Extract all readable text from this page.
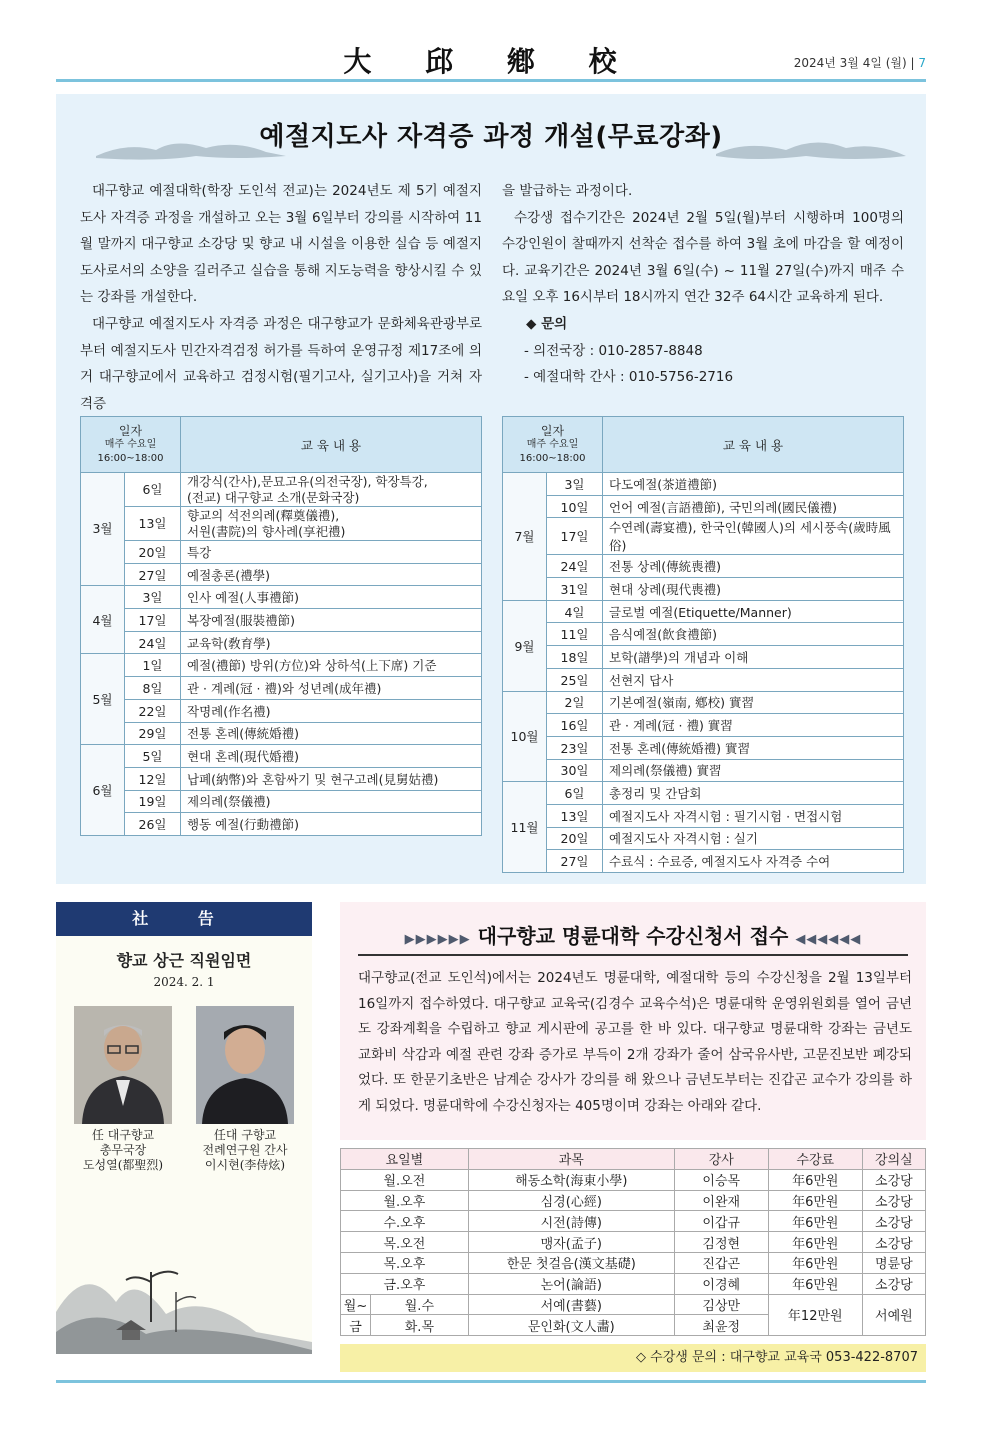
大 邱 鄕 校	2024년 3월 4일 (월) | 7
예절지도사 자격증 과정 개설(무료강좌)

대구향교 예절대학(학장 도인석 전교)는 2024년도 제 5기 예절지도사 자격증 과정을 개설하고 오는 3월 6일부터 강의를 시작하여 11월 말까지 대구향교 소강당 및 향교 내 시설을 이용한 실습 등 예절지도사로서의 소양을 길러주고 실습을 통해 지도능력을 향상시킬 수 있는 강좌를 개설한다.

대구향교 예절지도사 자격증 과정은 대구향교가 문화체육관광부로부터 예절지도사 민간자격검정 허가를 득하여 운영규정 제17조에 의거 대구향교에서 교육하고 검정시험(필기고사, 실기고사)을 거쳐 자격증

을 발급하는 과정이다.

수강생 접수기간은 2024년 2월 5일(월)부터 시행하며 100명의 수강인원이 찰때까지 선착순 접수를 하여 3월 초에 마감을 할 예정이다. 교육기간은 2024년 3월 6일(수) ~ 11월 27일(수)까지 매주 수요일 오후 16시부터 18시까지 연간 32주 64시간 교육하게 된다.

◆ 문의

- 의전국장 : 010-2857-8848

- 예절대학 간사 : 010-5756-2716

일자
매주 수요일
16:00~18:00		교 육 내 용
3월	6일	개강식(간사),문묘고유(의전국장), 학장특강,
(전교) 대구향교 소개(문화국장)

	13일	향교의 석전의례(釋奠儀禮),
서원(書院)의 향사례(享祀禮)

	20일	특강

	27일	예절총론(禮學)

4월	3일	인사 예절(人事禮節)

	17일	복장예절(服裝禮節)

	24일	교육학(敎育學)

5월	1일	예절(禮節) 방위(方位)와 상하석(上下席) 기준

	8일	관 · 계례(冠 · 禮)와 성년례(成年禮)

	22일	작명례(作名禮)

	29일	전통 혼례(傳統婚禮)

6월	5일	현대 혼례(現代婚禮)

	12일	납폐(納幣)와 혼함싸기 및 현구고례(見舅姑禮)

	19일	제의례(祭儀禮)

	26일	행동 예절(行動禮節)
일자
매주 수요일
16:00~18:00		교 육 내 용
7월	3일	다도예절(茶道禮節)

	10일	언어 예절(言語禮節), 국민의례(國民儀禮)

	17일	수연례(壽宴禮), 한국인(韓國人)의 세시풍속(歲時風俗)

	24일	전통 상례(傳統喪禮)

	31일	현대 상례(現代喪禮)

9월	4일	글로벌 예절(Etiquette/Manner)

	11일	음식예절(飮食禮節)

	18일	보학(譜學)의 개념과 이해

	25일	선현지 답사

10월	2일	기본예절(嶺南, 鄕校) 實習

	16일	관 · 계례(冠 · 禮) 實習

	23일	전통 혼례(傳統婚禮) 實習

	30일	제의례(祭儀禮) 實習

11월	6일	총정리 및 간담회

	13일	예절지도사 자격시험 : 필기시험 · 면접시험

	20일	예절지도사 자격시험 : 실기

	27일	수료식 : 수료증, 예절지도사 자격증 수여
社 告
향교 상근 직원임면
2024. 2. 1
任 대구향교
총무국장
도성열(都聖烈)
任대 구향교
전례연구원 간사
이시현(李侍炫)
▶▶▶▶▶▶ 대구향교 명륜대학 수강신청서 접수 ◀◀◀◀◀◀
대구향교(전교 도인석)에서는 2024년도 명륜대학, 예절대학 등의 수강신청을 2월 13일부터 16일까지 접수하였다. 대구향교 교육국(김경수 교육수석)은 명륜대학 운영위원회를 열어 금년도 강좌계획을 수립하고 향교 게시판에 공고를 한 바 있다. 대구향교 명륜대학 강좌는 금년도 교화비 삭감과 예절 관련 강좌 증가로 부득이 2개 강좌가 줄어 삼국유사반, 고문진보반 폐강되었다. 또 한문기초반은 남계순 강사가 강의를 해 왔으나 금년도부터는 진갑곤 교수가 강의를 하게 되었다. 명륜대학에 수강신청자는 405명이며 강좌는 아래와 같다.
요일별		과목	강사	수강료	강의실
월.오전		해동소학(海東小學)	이승목	年6만원	소강당
월.오후		심경(心經)	이완재	年6만원	소강당
수.오후		시전(詩傳)	이갑규	年6만원	소강당
목.오전		맹자(孟子)	김정현	年6만원	소강당
목.오후		한문 첫걸음(漢文基礎)	진갑곤	年6만원	명륜당
금.오후		논어(論語)	이경혜	年6만원	소강당
월~	월.수	서예(書藝)	김상만	年12만원	서예원
금	화.목	문인화(文人畵)	최윤정		
◇ 수강생 문의 : 대구향교 교육국 053-422-8707
